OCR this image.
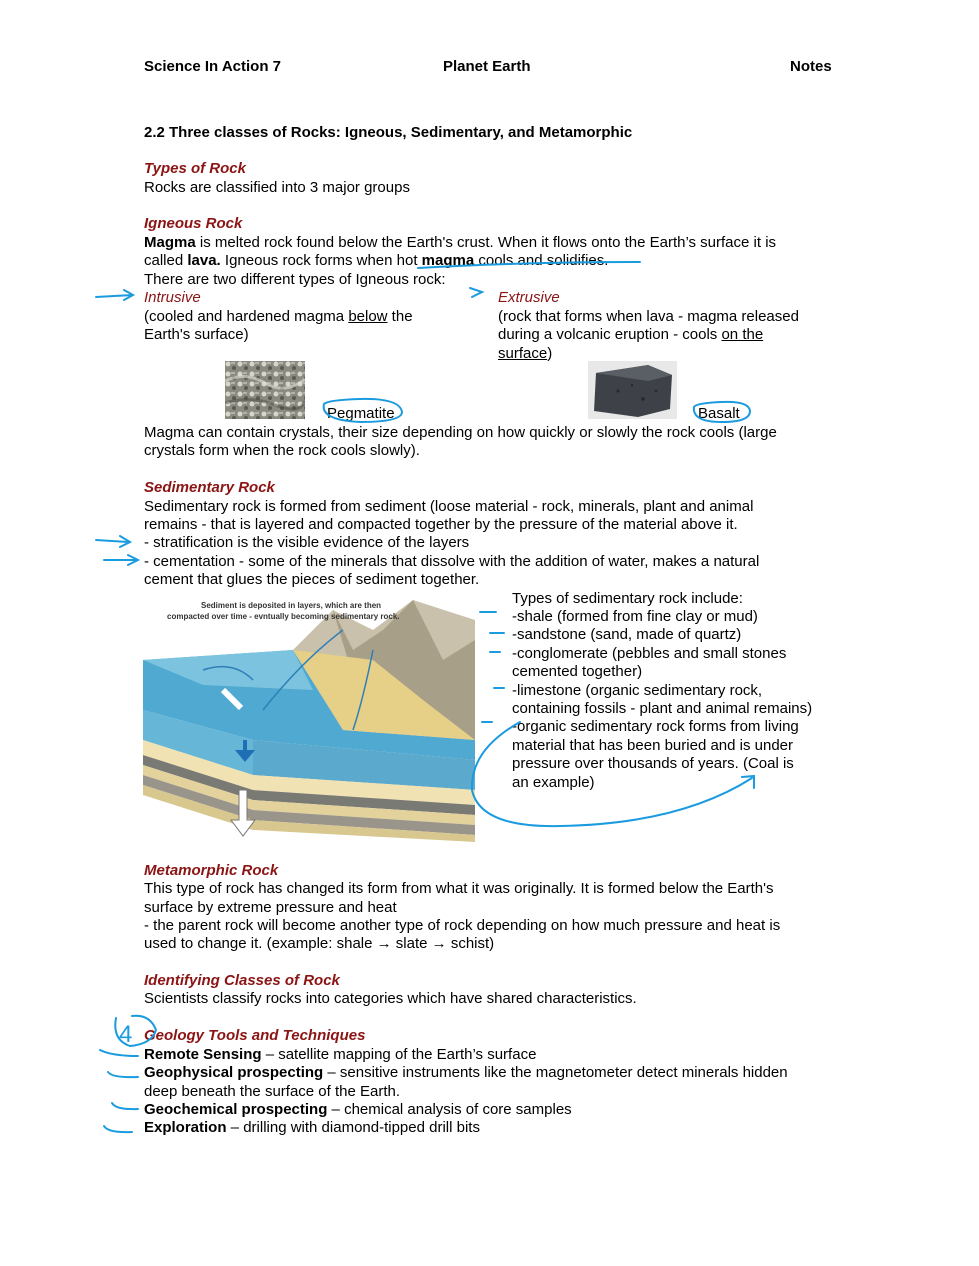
Science In Action 7	Planet Earth	Notes
2.2 Three classes of Rocks: Igneous, Sedimentary, and Metamorphic
Types of Rock
Rocks are classified into 3 major groups
Igneous Rock
Magma is melted rock found below the Earth's crust. When it flows onto the Earth’s surface it is
called lava. Igneous rock forms when hot magma cools and solidifies.
There are two different types of Igneous rock:
Intrusive
(cooled and hardened magma below the
Earth's surface)
Extrusive
(rock that forms when lava - magma released
during a volcanic eruption - cools on the
surface)
Pegmatite	Basalt
Magma can contain crystals, their size depending on how quickly or slowly the rock cools (large
crystals form when the rock cools slowly).
Sedimentary Rock
Sedimentary rock is formed from sediment (loose material - rock, minerals, plant and animal
remains - that is layered and compacted together by the pressure of the material above it.
- stratification is the visible evidence of the layers
- cementation - some of the minerals that dissolve with the addition of water, makes a natural
cement that glues the pieces of sediment together.
Sediment is deposited in layers, which are then
compacted over time - evntually becoming sedimentary rock.
Types of sedimentary rock include:
-shale (formed from fine clay or mud)
-sandstone (sand, made of quartz)
-conglomerate (pebbles and small stones
cemented together)
-limestone (organic sedimentary rock,
containing fossils - plant and animal remains)
-organic sedimentary rock forms from living
material that has been buried and is under
pressure over thousands of years. (Coal is
an example)
Metamorphic Rock
This type of rock has changed its form from what it was originally. It is formed below the Earth's
surface by extreme pressure and heat
- the parent rock will become another type of rock depending on how much pressure and heat is
used to change it. (example: shale → slate → schist)
Identifying Classes of Rock
Scientists classify rocks into categories which have shared characteristics.
Geology Tools and Techniques
Remote Sensing – satellite mapping of the Earth’s surface
Geophysical prospecting – sensitive instruments like the magnetometer detect minerals hidden
deep beneath the surface of the Earth.
Geochemical prospecting – chemical analysis of core samples
Exploration – drilling with diamond-tipped drill bits
4
